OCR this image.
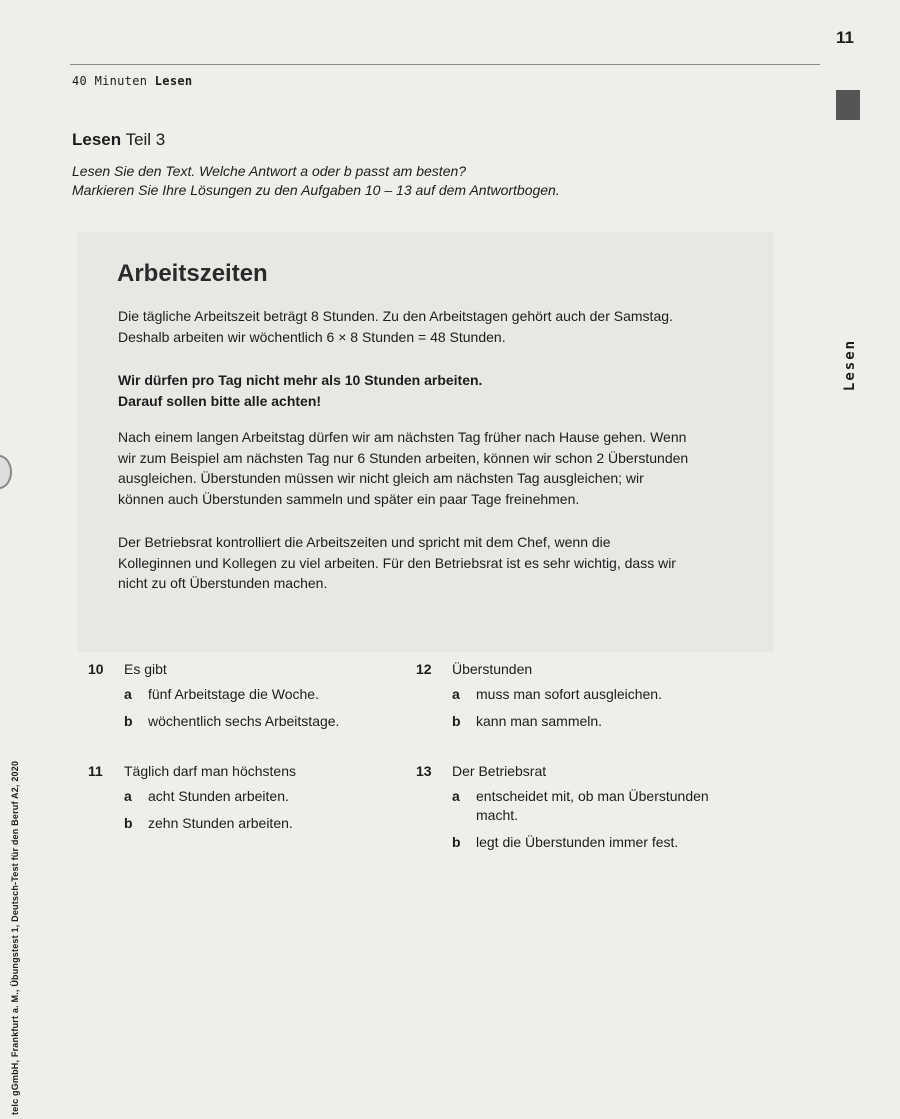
11
40 Minuten Lesen
Lesen
Lesen Teil 3
Lesen Sie den Text. Welche Antwort a oder b passt am besten?
Markieren Sie Ihre Lösungen zu den Aufgaben 10 – 13 auf dem Antwortbogen.
Arbeitszeiten
Die tägliche Arbeitszeit beträgt 8 Stunden. Zu den Arbeitstagen gehört auch der Samstag.
Deshalb arbeiten wir wöchentlich 6 × 8 Stunden = 48 Stunden.
Wir dürfen pro Tag nicht mehr als 10 Stunden arbeiten.
Darauf sollen bitte alle achten!
Nach einem langen Arbeitstag dürfen wir am nächsten Tag früher nach Hause gehen. Wenn
wir zum Beispiel am nächsten Tag nur 6 Stunden arbeiten, können wir schon 2 Überstunden
ausgleichen. Überstunden müssen wir nicht gleich am nächsten Tag ausgleichen; wir
können auch Überstunden sammeln und später ein paar Tage freinehmen.
Der Betriebsrat kontrolliert die Arbeitszeiten und spricht mit dem Chef, wenn die
Kolleginnen und Kollegen zu viel arbeiten. Für den Betriebsrat ist es sehr wichtig, dass wir
nicht zu oft Überstunden machen.
10	Es gibt
a	fünf Arbeitstage die Woche.
b	wöchentlich sechs Arbeitstage.
11	Täglich darf man höchstens
a	acht Stunden arbeiten.
b	zehn Stunden arbeiten.
12	Überstunden
a	muss man sofort ausgleichen.
b	kann man sammeln.
13	Der Betriebsrat
a	entscheidet mit, ob man Überstunden macht.
b	legt die Überstunden immer fest.
telc gGmbH, Frankfurt a. M., Übungstest 1, Deutsch-Test für den Beruf A2, 2020
